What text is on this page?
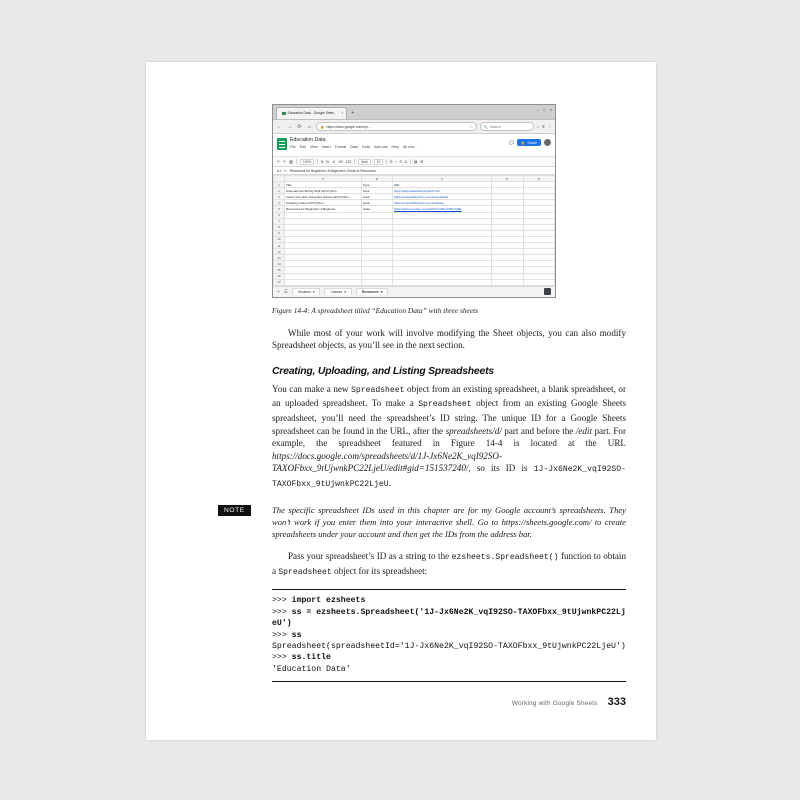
Education Data - Google Shee... × +
– □ ×
← → ⟳	⌂	🔒 https://docs.google.com/spr...	☆	🔍 Search	↓ ≡ ⋮
Education Data
File Edit View Insert Format Data Tools Add-ons Help All cha...
💬 🔒 Share
↶ ↷ 🖨	100%	$ % .0 .00 123	Arial	10	B I S A ▤ ☰
A1 fx Resources for Beginners: A Beginner's Guide to Resources
	A	B	C	D	E
1	Title	Type	URL		
2	Automate the Boring Stuff with Python	book	https://automatetheboringstuff.com		
3	Invent Your Own Computer Games with Python	book	https://inventwithpython.com/invent4thed		
4	Cracking Codes with Python	book	https://inventwithpython.com/cracking		
5	Resources for Beginners: A Beginner...	video	https://www.youtube.com/watch?v=Bxw7kBpYQ6E		
6					
7					
8					
9					
10					
11					
12					
13					
14					
15					
16					
17					
+ ☰	Students ▾	Classes ▾	Resources ▾
Figure 14-4: A spreadsheet titled “Education Data” with three sheets

While most of your work will involve modifying the Sheet objects, you can also modify Spreadsheet objects, as you’ll see in the next section.

Creating, Uploading, and Listing Spreadsheets

You can make a new Spreadsheet object from an existing spreadsheet, a blank spreadsheet, or an uploaded spreadsheet. To make a Spreadsheet object from an existing Google Sheets spreadsheet, you’ll need the spreadsheet’s ID string. The unique ID for a Google Sheets spreadsheet can be found in the URL, after the spreadsheets/d/ part and before the /edit part. For example, the spreadsheet featured in Figure 14-4 is located at the URL https://docs.google.com/spreadsheets/d/1J-Jx6Ne2K_vqI92SO-TAXOFbxx_9tUjwnkPC22LjeU/edit#gid=151537240/, so its ID is 1J-Jx6Ne2K_vqI92SO-TAXOFbxx_9tUjwnkPC22LjeU.

NOTE	The specific spreadsheet IDs used in this chapter are for my Google account’s spreadsheets. They won’t work if you enter them into your interactive shell. Go to https://sheets.google.com/ to create spreadsheets under your account and then get the IDs from the address bar.

Pass your spreadsheet’s ID as a string to the ezsheets.Spreadsheet() function to obtain a Spreadsheet object for its spreadsheet:

>>> import ezsheets
>>> ss = ezsheets.Spreadsheet('1J-Jx6Ne2K_vqI92SO-TAXOFbxx_9tUjwnkPC22LjeU')
>>> ss
Spreadsheet(spreadsheetId='1J-Jx6Ne2K_vqI92SO-TAXOFbxx_9tUjwnkPC22LjeU')
>>> ss.title
'Education Data'
Working with Google Sheets 333
